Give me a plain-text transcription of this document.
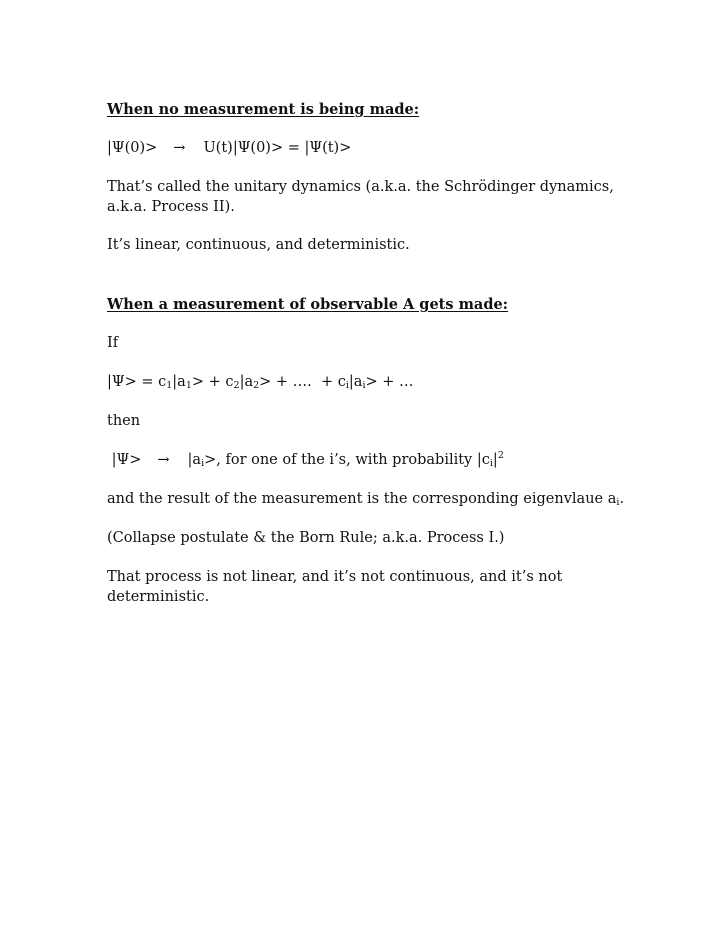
When no measurement is being made:

|Ψ(0)> → U(t)|Ψ(0)> = |Ψ(t)>

That’s called the unitary dynamics (a.k.a. the Schrödinger dynamics, a.k.a. Process II).

It’s linear, continuous, and deterministic.

When a measurement of observable A gets made:

If

$|\Psi> = c_1|a_1> + c_2|a_2>$ + ….  + $c_i|a_i>$ + …

then

$|\Psi> \to |a_i>$, for one of the i’s, with probability $|c_i|^2$

and the result of the measurement is the corresponding eigenvlaue $a_i$.

(Collapse postulate & the Born Rule; a.k.a. Process I.)

That process is not linear, and it’s not continuous, and it’s not deterministic.
